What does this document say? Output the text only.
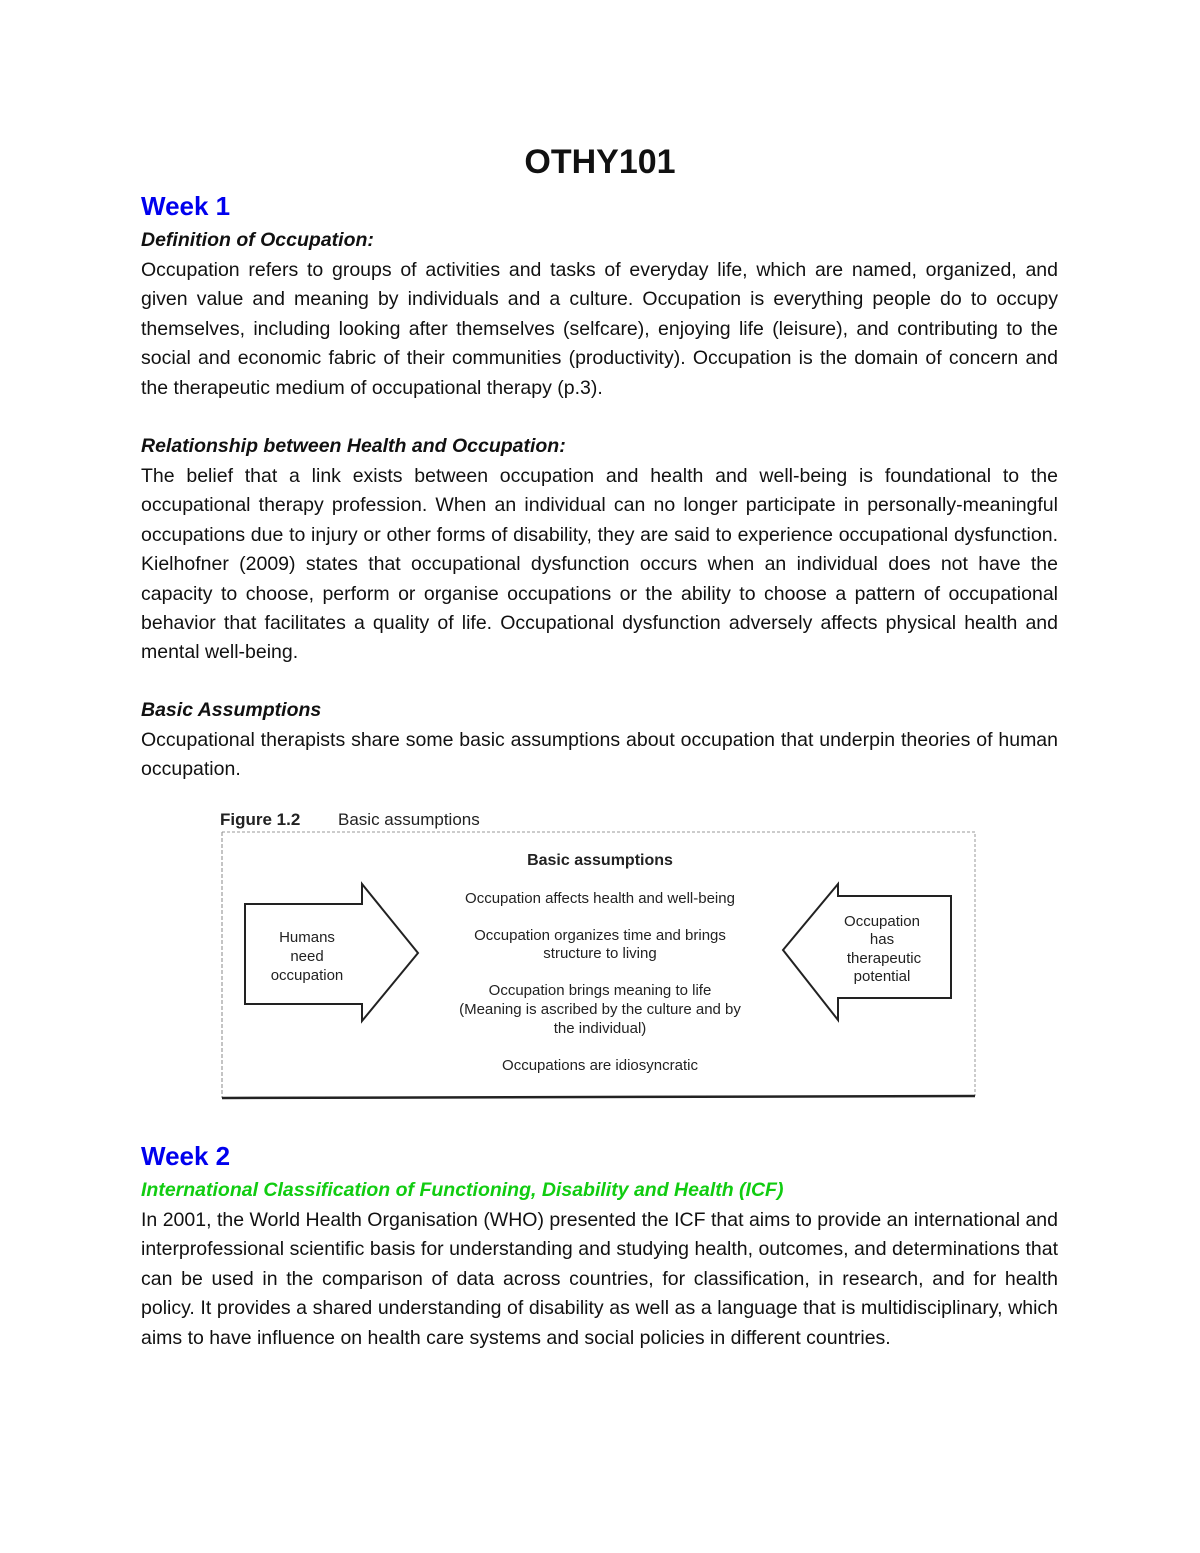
OTHY101
Week 1
Definition of Occupation:
Occupation refers to groups of activities and tasks of everyday life, which are named, organized, and given value and meaning by individuals and a culture. Occupation is everything people do to occupy themselves, including looking after themselves (selfcare), enjoying life (leisure), and contributing to the social and economic fabric of their communities (productivity). Occupation is the domain of concern and the therapeutic medium of occupational therapy (p.3).
Relationship between Health and Occupation:
The belief that a link exists between occupation and health and well-being is foundational to the occupational therapy profession. When an individual can no longer participate in personally-meaningful occupations due to injury or other forms of disability, they are said to experience occupational dysfunction. Kielhofner (2009) states that occupational dysfunction occurs when an individual does not have the capacity to choose, perform or organise occupations or the ability to choose a pattern of occupational behavior that facilitates a quality of life. Occupational dysfunction adversely affects physical health and mental well-being.
Basic Assumptions
Occupational therapists share some basic assumptions about occupation that underpin theories of human occupation.
Figure 1.2 Basic assumptions
Basic assumptions
Humans
need
occupation
Occupation
has
therapeutic
potential
Occupation affects health and well-being
Occupation organizes time and brings
structure to living
Occupation brings meaning to life
(Meaning is ascribed by the culture and by
the individual)
Occupations are idiosyncratic
Week 2
International Classification of Functioning, Disability and Health (ICF)
In 2001, the World Health Organisation (WHO) presented the ICF that aims to provide an international and interprofessional scientific basis for understanding and studying health, outcomes, and determinations that can be used in the comparison of data across countries, for classification, in research, and for health policy. It provides a shared understanding of disability as well as a language that is multidisciplinary, which aims to have influence on health care systems and social policies in different countries.
